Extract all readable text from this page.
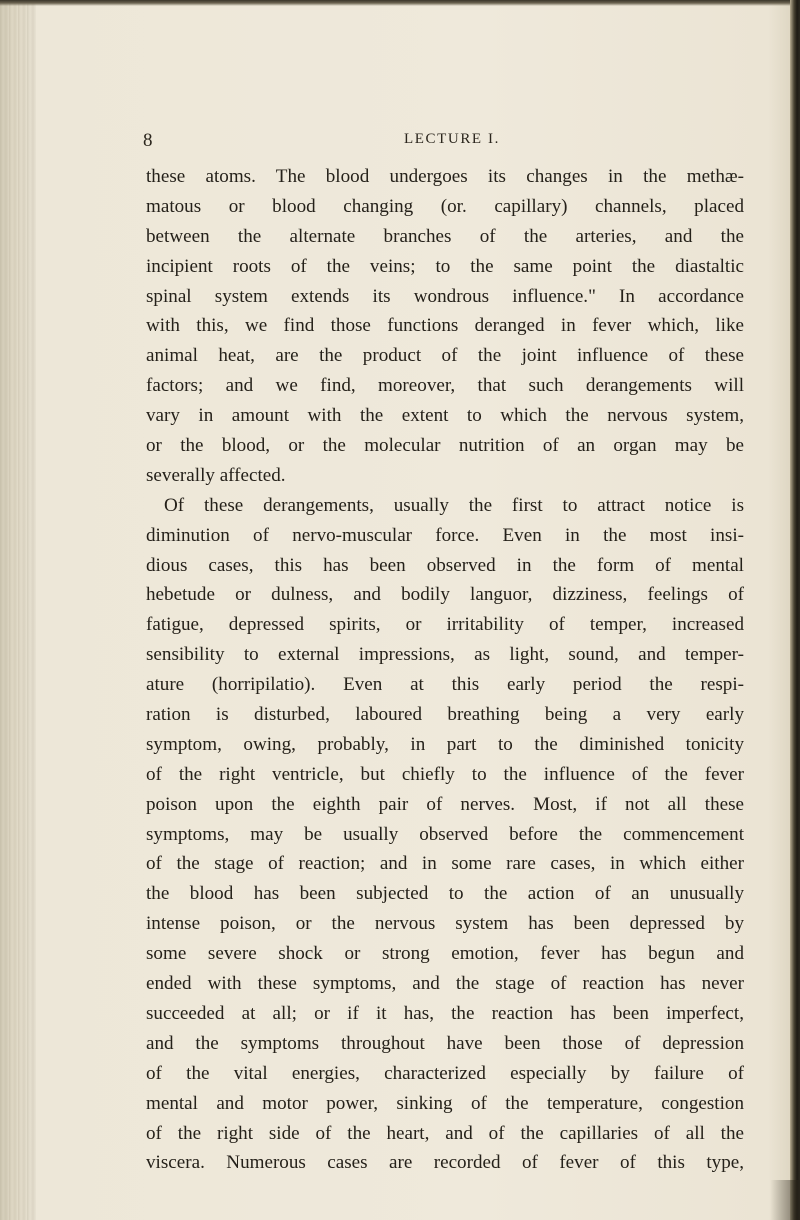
8	LECTURE I.
these atoms. The blood undergoes its changes in the methæ-
matous or blood changing (or. capillary) channels, placed
between the alternate branches of the arteries, and the
incipient roots of the veins; to the same point the diastaltic
spinal system extends its wondrous influence." In accordance
with this, we find those functions deranged in fever which, like
animal heat, are the product of the joint influence of these
factors; and we find, moreover, that such derangements will
vary in amount with the extent to which the nervous system,
or the blood, or the molecular nutrition of an organ may be
severally affected.
Of these derangements, usually the first to attract notice is
diminution of nervo-muscular force. Even in the most insi-
dious cases, this has been observed in the form of mental
hebetude or dulness, and bodily languor, dizziness, feelings of
fatigue, depressed spirits, or irritability of temper, increased
sensibility to external impressions, as light, sound, and temper-
ature (horripilatio). Even at this early period the respi-
ration is disturbed, laboured breathing being a very early
symptom, owing, probably, in part to the diminished tonicity
of the right ventricle, but chiefly to the influence of the fever
poison upon the eighth pair of nerves. Most, if not all these
symptoms, may be usually observed before the commencement
of the stage of reaction; and in some rare cases, in which either
the blood has been subjected to the action of an unusually
intense poison, or the nervous system has been depressed by
some severe shock or strong emotion, fever has begun and
ended with these symptoms, and the stage of reaction has never
succeeded at all; or if it has, the reaction has been imperfect,
and the symptoms throughout have been those of depression
of the vital energies, characterized especially by failure of
mental and motor power, sinking of the temperature, congestion
of the right side of the heart, and of the capillaries of all the
viscera. Numerous cases are recorded of fever of this type,
